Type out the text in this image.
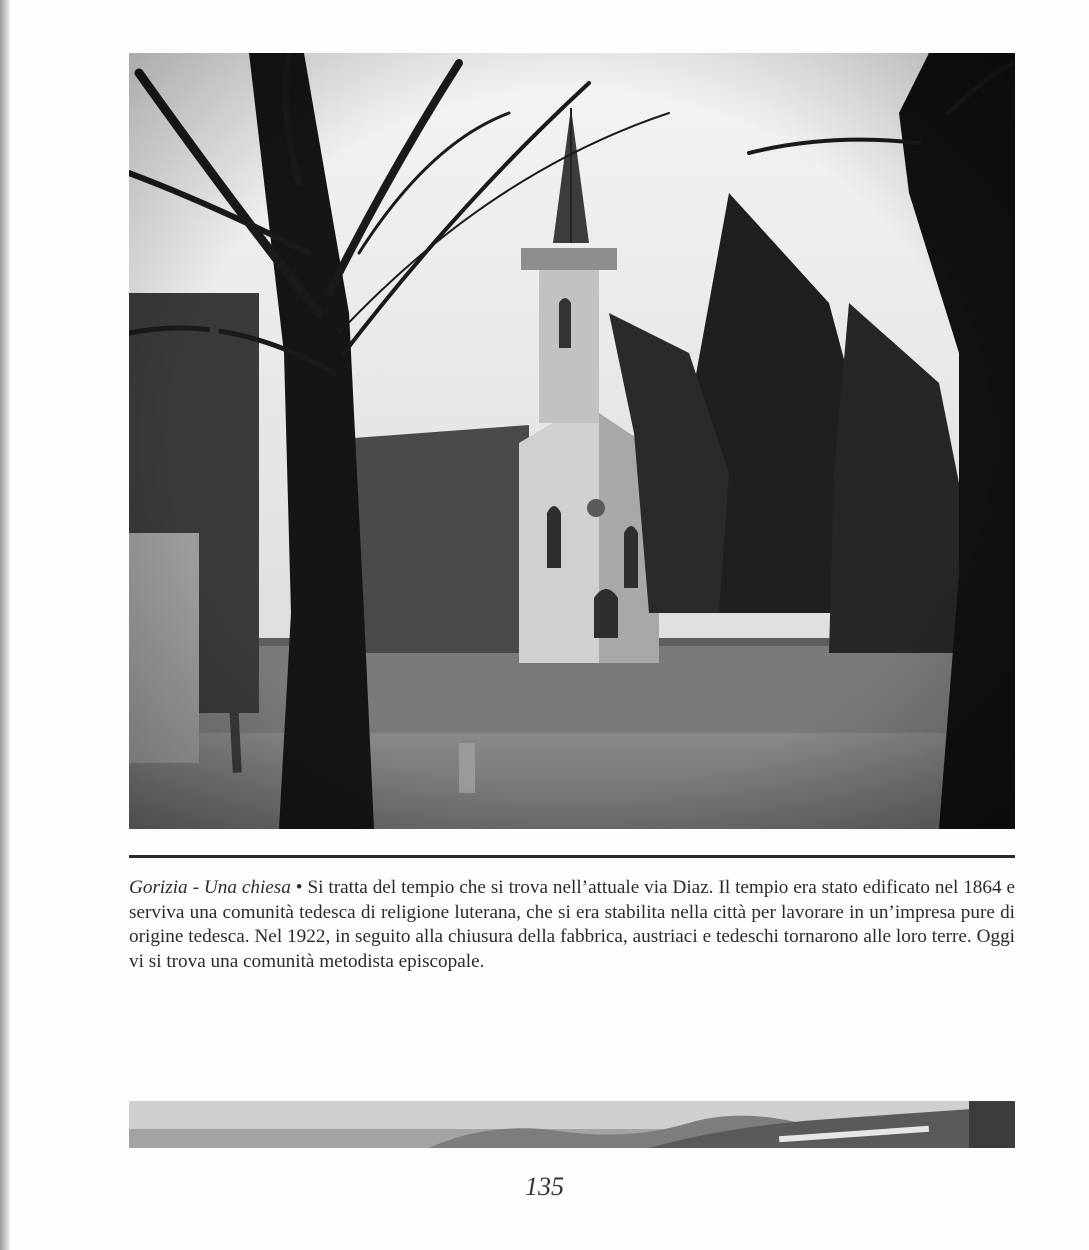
Gorizia - Una chiesa • Si tratta del tempio che si trova nell’attuale via Diaz. Il tempio era stato edificato nel 1864 e serviva una comunità tedesca di religione luterana, che si era stabilita nella città per lavorare in un’impresa pure di origine tedesca. Nel 1922, in seguito alla chiusura della fabbrica, austriaci e tedeschi tornarono alle loro terre. Oggi vi si trova una comunità metodista episcopale.

135
